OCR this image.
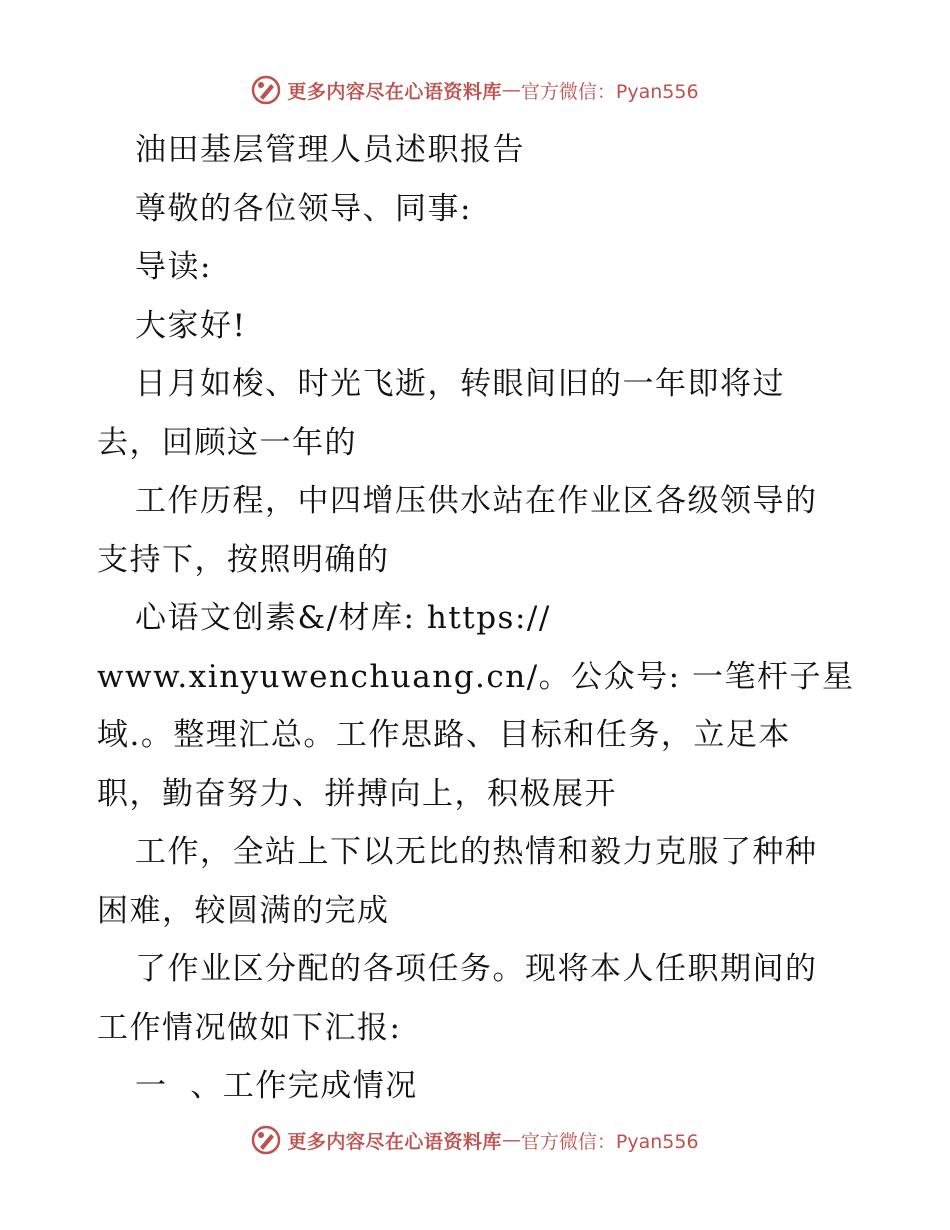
更多内容尽在心语资料库 — 官方微信：Pyan556

油田基层管理人员述职报告

尊敬的各位领导、同事:

导读:

大家好!

日月如梭、时光飞逝，转眼间旧的一年即将过

去，回顾这一年的

工作历程，中四增压供水站在作业区各级领导的

支持下，按照明确的

心语文创素&/材库: https://

www.xinyuwenchuang.cn/。公众号: 一笔杆子星

域.。整理汇总。工作思路、目标和任务，立足本

职，勤奋努力、拼搏向上，积极展开

工作，全站上下以无比的热情和毅力克服了种种

困难，较圆满的完成

了作业区分配的各项任务。现将本人任职期间的

工作情况做如下汇报:

一  、工作完成情况

更多内容尽在心语资料库 — 官方微信：Pyan556
